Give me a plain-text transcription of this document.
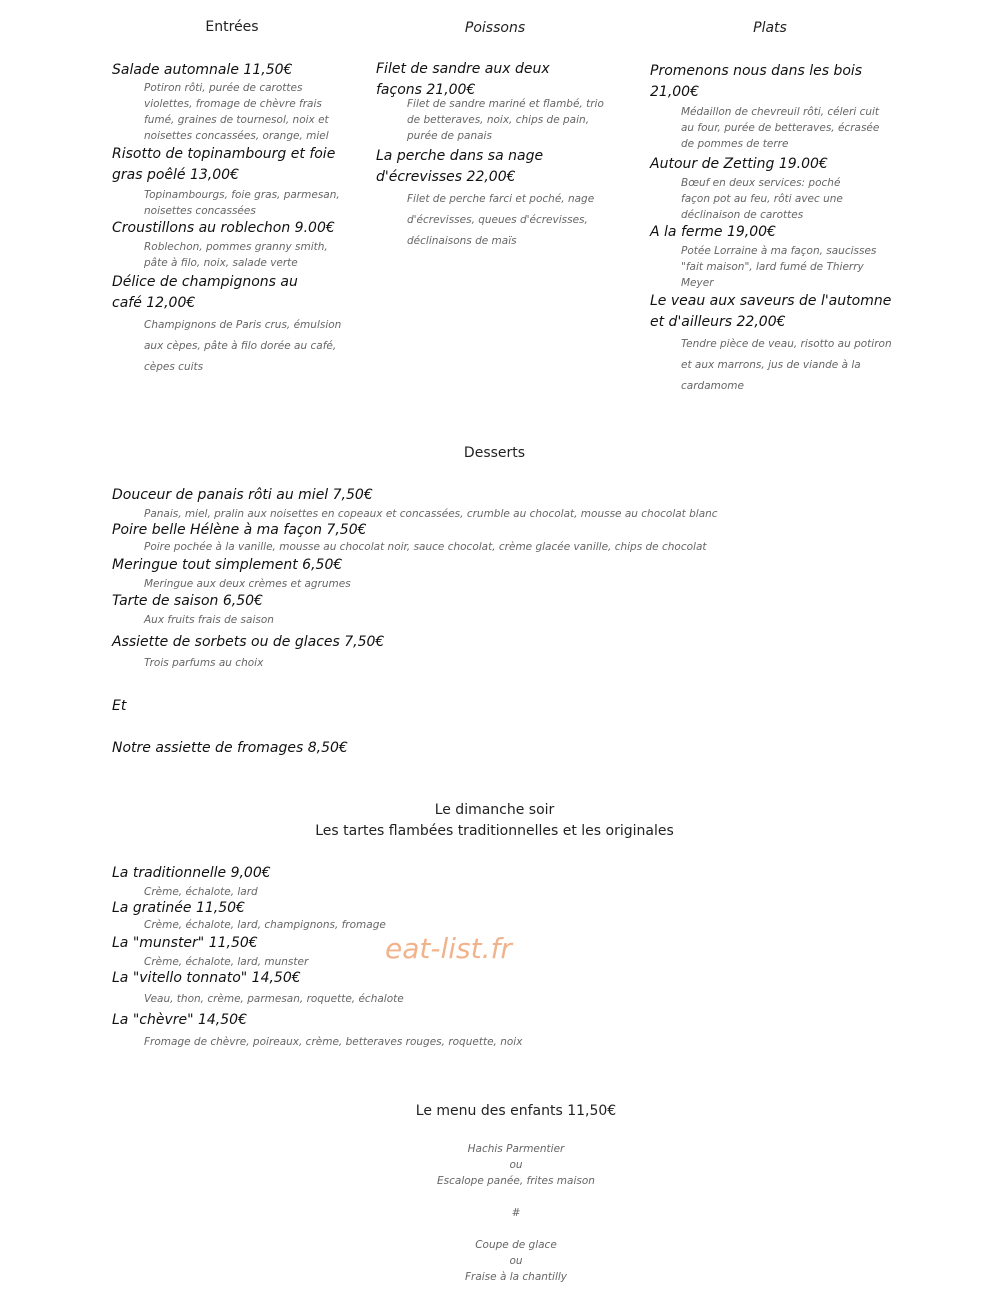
Entrées	Poissons	Plats
Salade automnale 11,50€
Potiron rôti, purée de carottes violettes, fromage de chèvre frais fumé, graines de tournesol, noix et noisettes concassées, orange, miel
Risotto de topinambourg et foie gras poêlé 13,00€
Topinambourgs, foie gras, parmesan, noisettes concassées
Croustillons au roblechon 9.00€
Roblechon, pommes granny smith, pâte à filo, noix, salade verte
Délice de champignons au café 12,00€
Champignons de Paris crus, émulsion aux cèpes, pâte à filo dorée au café, cèpes cuits
Filet de sandre aux deux façons 21,00€
Filet de sandre mariné et flambé, trio de betteraves, noix, chips de pain, purée de panais
La perche dans sa nage d'écrevisses 22,00€
Filet de perche farci et poché, nage d'écrevisses, queues d'écrevisses, déclinaisons de maïs
Promenons nous dans les bois 21,00€
Médaillon de chevreuil rôti, céleri cuit au four, purée de betteraves, écrasée de pommes de terre
Autour de Zetting 19.00€
Bœuf en deux services: poché façon pot au feu, rôti avec une déclinaison de carottes
A la ferme 19,00€
Potée Lorraine à ma façon, saucisses "fait maison", lard fumé de Thierry Meyer
Le veau aux saveurs de l'automne et d'ailleurs 22,00€
Tendre pièce de veau, risotto au potiron et aux marrons, jus de viande à la cardamome
Desserts
Douceur de panais rôti au miel 7,50€
Panais, miel, pralin aux noisettes en copeaux et concassées, crumble au chocolat, mousse au chocolat blanc
Poire belle Hélène à ma façon 7,50€
Poire pochée à la vanille, mousse au chocolat noir, sauce chocolat, crème glacée vanille, chips de chocolat
Meringue tout simplement 6,50€
Meringue aux deux crèmes et agrumes
Tarte de saison 6,50€
Aux fruits frais de saison
Assiette de sorbets ou de glaces 7,50€
Trois parfums au choix
Et
Notre assiette de fromages 8,50€
Le dimanche soir
Les tartes flambées traditionnelles et les originales
La traditionnelle 9,00€
Crème, échalote, lard
La gratinée 11,50€
Crème, échalote, lard, champignons, fromage
La "munster" 11,50€
Crème, échalote, lard, munster
La "vitello tonnato" 14,50€
Veau, thon, crème, parmesan, roquette, échalote
La "chèvre" 14,50€
Fromage de chèvre, poireaux, crème, betteraves rouges, roquette, noix
eat-list.fr
Le menu des enfants 11,50€
Hachis Parmentier
ou
Escalope panée, frites maison
#
Coupe de glace
ou
Fraise à la chantilly
